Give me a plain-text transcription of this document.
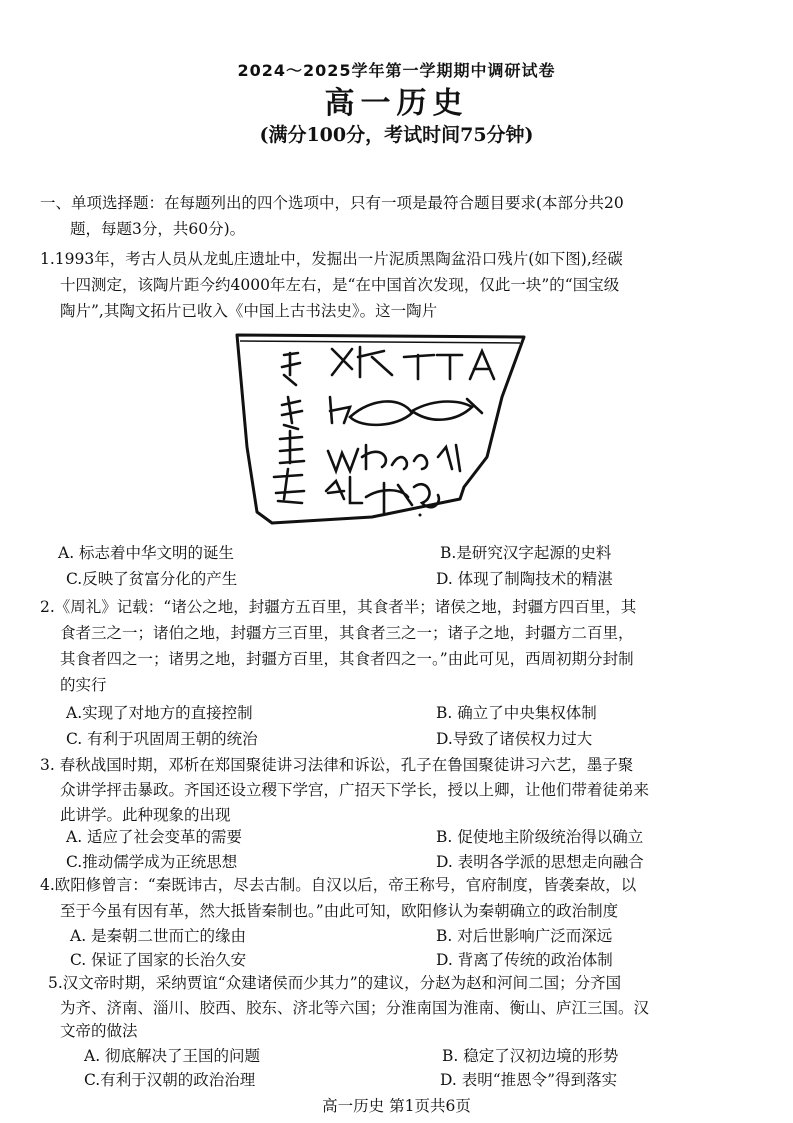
2024～2025学年第一学期期中调研试卷
高一历史
(满分100分，考试时间75分钟)
一、单项选择题：在每题列出的四个选项中，只有一项是最符合题目要求(本部分共20
题，每题3分，共60分)。
1.1993年，考古人员从龙虬庄遗址中，发掘出一片泥质黑陶盆沿口残片(如下图),经碳
十四测定，该陶片距今约4000年左右，是“在中国首次发现，仅此一块”的“国宝级
陶片”,其陶文拓片已收入《中国上古书法史》。这一陶片
A. 标志着中华文明的诞生	B.是研究汉字起源的史料
C.反映了贫富分化的产生	D. 体现了制陶技术的精湛
2.《周礼》记载：“诸公之地，封疆方五百里，其食者半；诸侯之地，封疆方四百里，其
食者三之一；诸伯之地，封疆方三百里，其食者三之一；诸子之地，封疆方二百里，
其食者四之一；诸男之地，封疆方百里，其食者四之一。”由此可见，西周初期分封制
的实行
A.实现了对地方的直接控制	B. 确立了中央集权体制
C. 有利于巩固周王朝的统治	D.导致了诸侯权力过大
3. 春秋战国时期，邓析在郑国聚徒讲习法律和诉讼，孔子在鲁国聚徒讲习六艺，墨子聚
众讲学抨击暴政。齐国还设立稷下学宫，广招天下学长，授以上卿，让他们带着徒弟来
此讲学。此种现象的出现
A. 适应了社会变革的需要	B. 促使地主阶级统治得以确立
C.推动儒学成为正统思想	D. 表明各学派的思想走向融合
4.欧阳修曾言：“秦既讳古，尽去古制。自汉以后，帝王称号，官府制度，皆袭秦故，以
至于今虽有因有革，然大抵皆秦制也。”由此可知，欧阳修认为秦朝确立的政治制度
A. 是秦朝二世而亡的缘由	B. 对后世影响广泛而深远
C. 保证了国家的长治久安	D. 背离了传统的政治体制
5.汉文帝时期，采纳贾谊“众建诸侯而少其力”的建议，分赵为赵和河间二国；分齐国
为齐、济南、淄川、胶西、胶东、济北等六国；分淮南国为淮南、衡山、庐江三国。汉
文帝的做法
A. 彻底解决了王国的问题	B. 稳定了汉初边境的形势
C.有利于汉朝的政治治理	D. 表明“推恩令”得到落实
高一历史 第1页共6页
